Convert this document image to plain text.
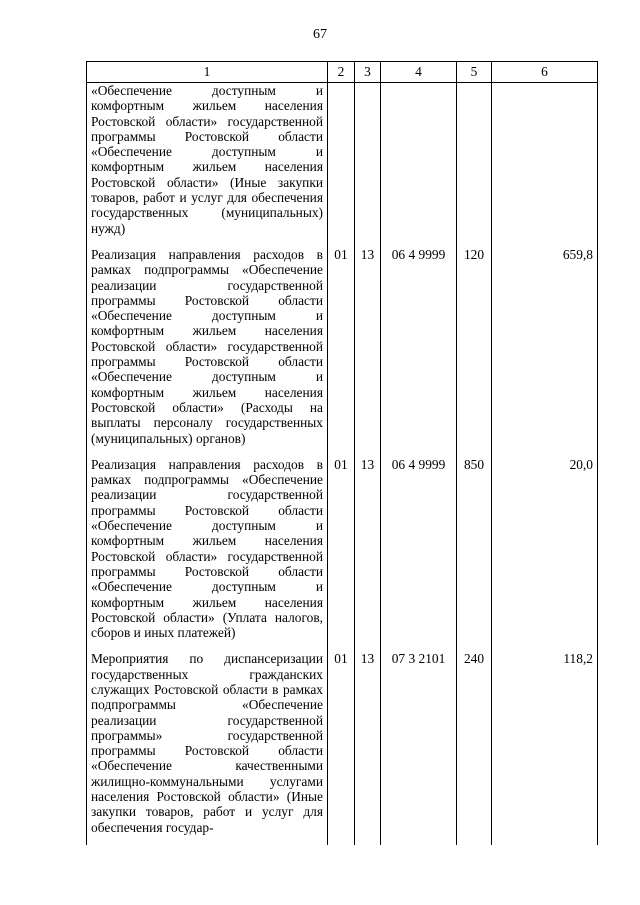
67
1	2	3	4	5	6
«Обеспечение доступным и комфортным жильем населения Ростовской области» государственной программы Ростовской области «Обеспечение доступным и комфортным жильем населения Ростовской области» (Иные закупки товаров, работ и услуг для обеспечения государственных (муниципальных) нужд)					
Реализация направления расходов в рамках подпрограммы «Обеспечение реализации государственной программы Ростовской области «Обеспечение доступным и комфортным жильем населения Ростовской области» государственной программы Ростовской области «Обеспечение доступным и комфортным жильем населения Ростовской области» (Расходы на выплаты персоналу государственных (муниципальных) органов)	01	13	06 4 9999	120	659,8
Реализация направления расходов в рамках подпрограммы «Обеспечение реализации государственной программы Ростовской области «Обеспечение доступным и комфортным жильем населения Ростовской области» государственной программы Ростовской области «Обеспечение доступным и комфортным жильем населения Ростовской области» (Уплата налогов, сборов и иных платежей)	01	13	06 4 9999	850	20,0
Мероприятия по диспансеризации государственных гражданских служащих Ростовской области в рамках подпрограммы «Обеспечение реализации государственной программы» государственной программы Ростовской области «Обеспечение качественными жилищно-коммунальными услугами населения Ростовской области» (Иные закупки товаров, работ и услуг для обеспечения государ-	01	13	07 3 2101	240	118,2
